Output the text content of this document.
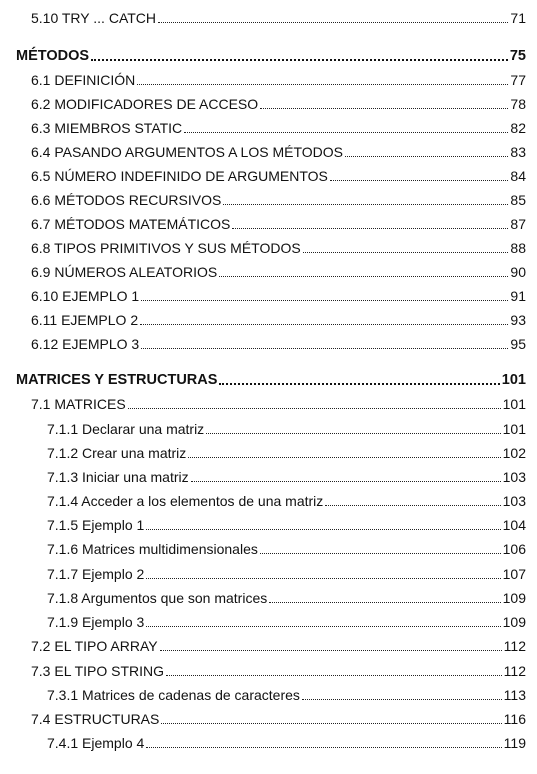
5.10 TRY ... CATCH	71
MÉTODOS	75
6.1 DEFINICIÓN	77
6.2 MODIFICADORES DE ACCESO	78
6.3 MIEMBROS STATIC	82
6.4 PASANDO ARGUMENTOS A LOS MÉTODOS	83
6.5 NÚMERO INDEFINIDO DE ARGUMENTOS	84
6.6 MÉTODOS RECURSIVOS	85
6.7 MÉTODOS MATEMÁTICOS	87
6.8 TIPOS PRIMITIVOS Y SUS MÉTODOS	88
6.9 NÚMEROS ALEATORIOS	90
6.10 EJEMPLO 1	91
6.11 EJEMPLO 2	93
6.12 EJEMPLO 3	95
MATRICES Y ESTRUCTURAS	101
7.1 MATRICES	101
7.1.1 Declarar una matriz	101
7.1.2 Crear una matriz	102
7.1.3 Iniciar una matriz	103
7.1.4 Acceder a los elementos de una matriz	103
7.1.5 Ejemplo 1	104
7.1.6 Matrices multidimensionales	106
7.1.7 Ejemplo 2	107
7.1.8 Argumentos que son matrices	109
7.1.9 Ejemplo 3	109
7.2 EL TIPO ARRAY	112
7.3 EL TIPO STRING	112
7.3.1 Matrices de cadenas de caracteres	113
7.4 ESTRUCTURAS	116
7.4.1 Ejemplo 4	119
